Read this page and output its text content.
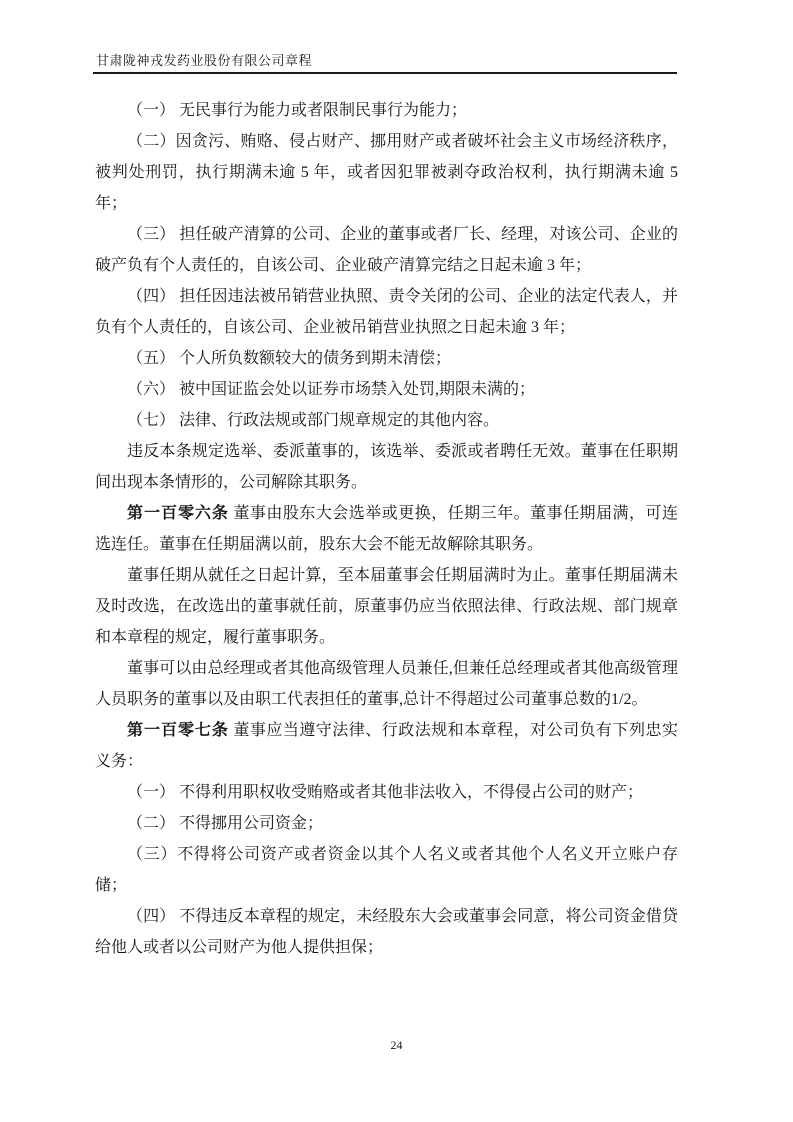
甘肃陇神戎发药业股份有限公司章程

（一） 无民事行为能力或者限制民事行为能力；

（二）因贪污、贿赂、侵占财产、挪用财产或者破坏社会主义市场经济秩序，被判处刑罚，执行期满未逾 5 年，或者因犯罪被剥夺政治权利，执行期满未逾 5 年；

（三） 担任破产清算的公司、企业的董事或者厂长、经理，对该公司、企业的破产负有个人责任的，自该公司、企业破产清算完结之日起未逾 3 年；

（四） 担任因违法被吊销营业执照、责令关闭的公司、企业的法定代表人，并负有个人责任的，自该公司、企业被吊销营业执照之日起未逾 3 年；

（五） 个人所负数额较大的债务到期未清偿；

（六） 被中国证监会处以证券市场禁入处罚,期限未满的；

（七） 法律、行政法规或部门规章规定的其他内容。

违反本条规定选举、委派董事的，该选举、委派或者聘任无效。董事在任职期间出现本条情形的，公司解除其职务。

第一百零六条 董事由股东大会选举或更换，任期三年。董事任期届满，可连选连任。董事在任期届满以前，股东大会不能无故解除其职务。

董事任期从就任之日起计算，至本届董事会任期届满时为止。董事任期届满未及时改选，在改选出的董事就任前，原董事仍应当依照法律、行政法规、部门规章和本章程的规定，履行董事职务。

董事可以由总经理或者其他高级管理人员兼任,但兼任总经理或者其他高级管理人员职务的董事以及由职工代表担任的董事,总计不得超过公司董事总数的1/2。

第一百零七条 董事应当遵守法律、行政法规和本章程，对公司负有下列忠实义务：

（一） 不得利用职权收受贿赂或者其他非法收入，不得侵占公司的财产；

（二） 不得挪用公司资金；

（三）不得将公司资产或者资金以其个人名义或者其他个人名义开立账户存储；

（四） 不得违反本章程的规定，未经股东大会或董事会同意，将公司资金借贷给他人或者以公司财产为他人提供担保；

24
